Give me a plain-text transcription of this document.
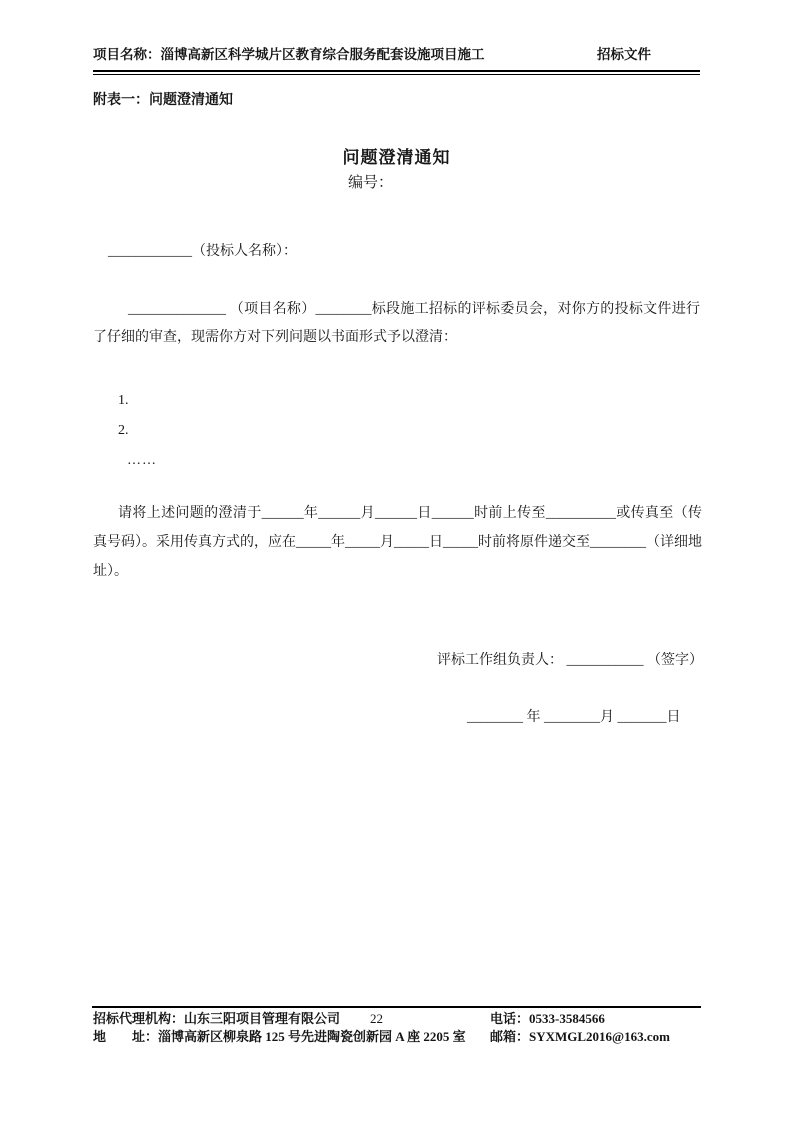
项目名称：淄博高新区科学城片区教育综合服务配套设施项目施工	招标文件
附表一：问题澄清通知
问题澄清通知
编号：
____________（投标人名称）：
______________ （项目名称）________标段施工招标的评标委员会，对你方的投标文件进行了仔细的审查，现需你方对下列问题以书面形式予以澄清：
1.
2.
……
请将上述问题的澄清于______年______月______日______时前上传至__________或传真至（传真号码）。采用传真方式的，应在_____年_____月_____日_____时前将原件递交至________（详细地址）。
评标工作组负责人： ___________ （签字）
________ 年 ________月 _______日
招标代理机构：山东三阳项目管理有限公司 22	电话：0533-3584566
地　　址：淄博高新区柳泉路 125 号先进陶瓷创新园 A 座 2205 室 邮箱：SYXMGL2016@163.com
